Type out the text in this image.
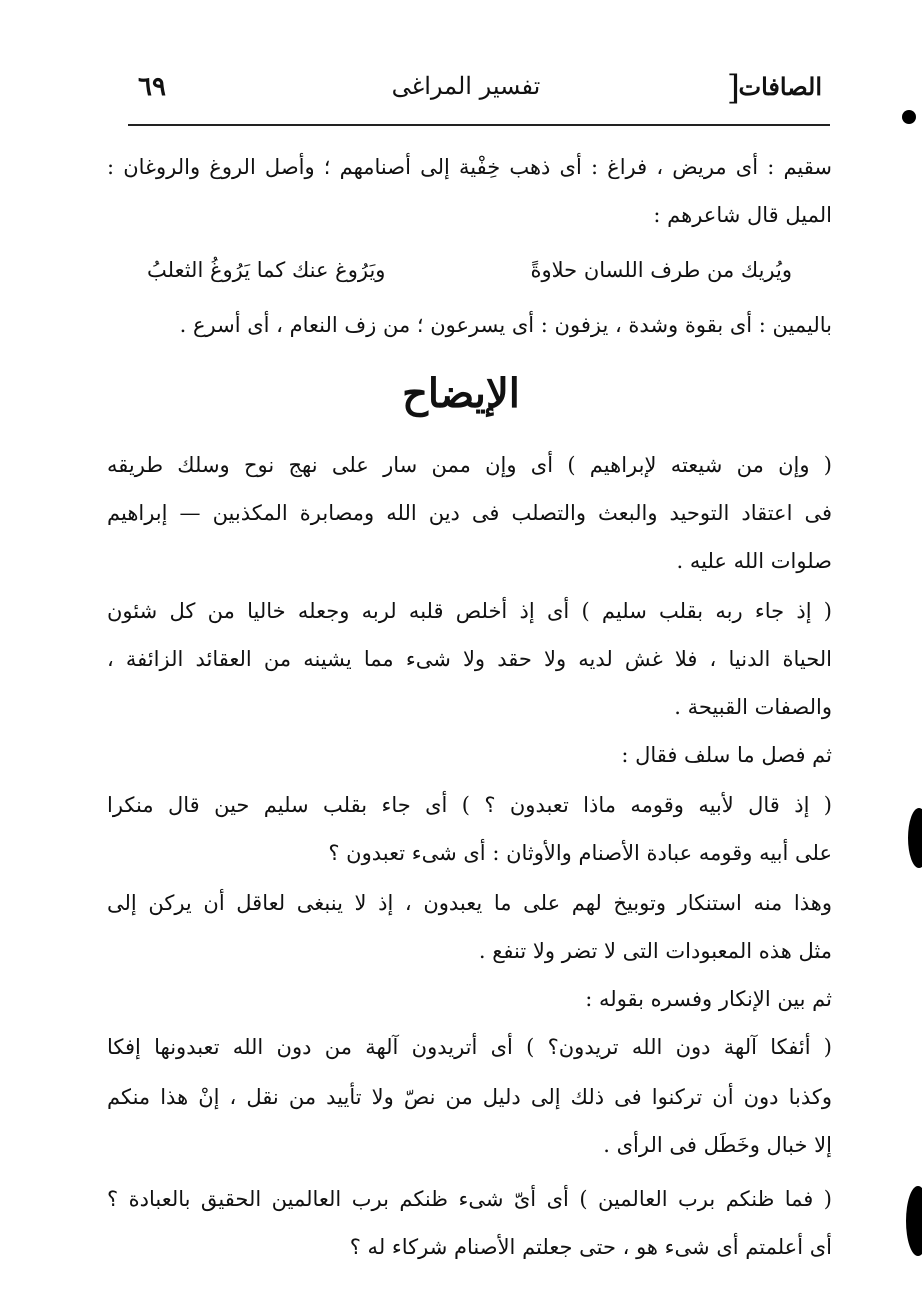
الصافات
]
تفسير المراغى
٦٩
سقيم : أى مريض ، فراغ : أى ذهب خِفْية إلى أصنامهم ؛ وأصل الروغ والروغان :
الميل قال شاعرهم :
ويُريك من طرف اللسان حلاوةً
ويَرُوغ عنك كما يَرُوغُ الثعلبُ
باليمين : أى بقوة وشدة ، يزفون : أى يسرعون ؛ من زف النعام ، أى أسرع .
الإيضاح
( وإن من شيعته لإبراهيم ) أى وإن ممن سار على نهج نوح وسلك طريقه
فى اعتقاد التوحيد والبعث والتصلب فى دين الله ومصابرة المكذبين — إبراهيم
صلوات الله عليه .
( إذ جاء ربه بقلب سليم ) أى إذ أخلص قلبه لربه وجعله خاليا من كل شئون
الحياة الدنيا ، فلا غش لديه ولا حقد ولا شىء مما يشينه من العقائد الزائفة ،
والصفات القبيحة .
ثم فصل ما سلف فقال :
( إذ قال لأبيه وقومه ماذا تعبدون ؟ ) أى جاء بقلب سليم حين قال منكرا
على أبيه وقومه عبادة الأصنام والأوثان : أى شىء تعبدون ؟
وهذا منه استنكار وتوبيخ لهم على ما يعبدون ، إذ لا ينبغى لعاقل أن يركن إلى
مثل هذه المعبودات التى لا تضر ولا تنفع .
ثم بين الإنكار وفسره بقوله :
( أئفكا آلهة دون الله تريدون؟ ) أى أتريدون آلهة من دون الله تعبدونها إفكا
وكذبا دون أن تركنوا فى ذلك إلى دليل من نصّ ولا تأييد من نقل ، إنْ هذا منكم
إلا خبال وخَطَل فى الرأى .
( فما ظنكم برب العالمين ) أى أىّ شىء ظنكم برب العالمين الحقيق بالعبادة ؟
أى أعلمتم أى شىء هو ، حتى جعلتم الأصنام شركاء له ؟
